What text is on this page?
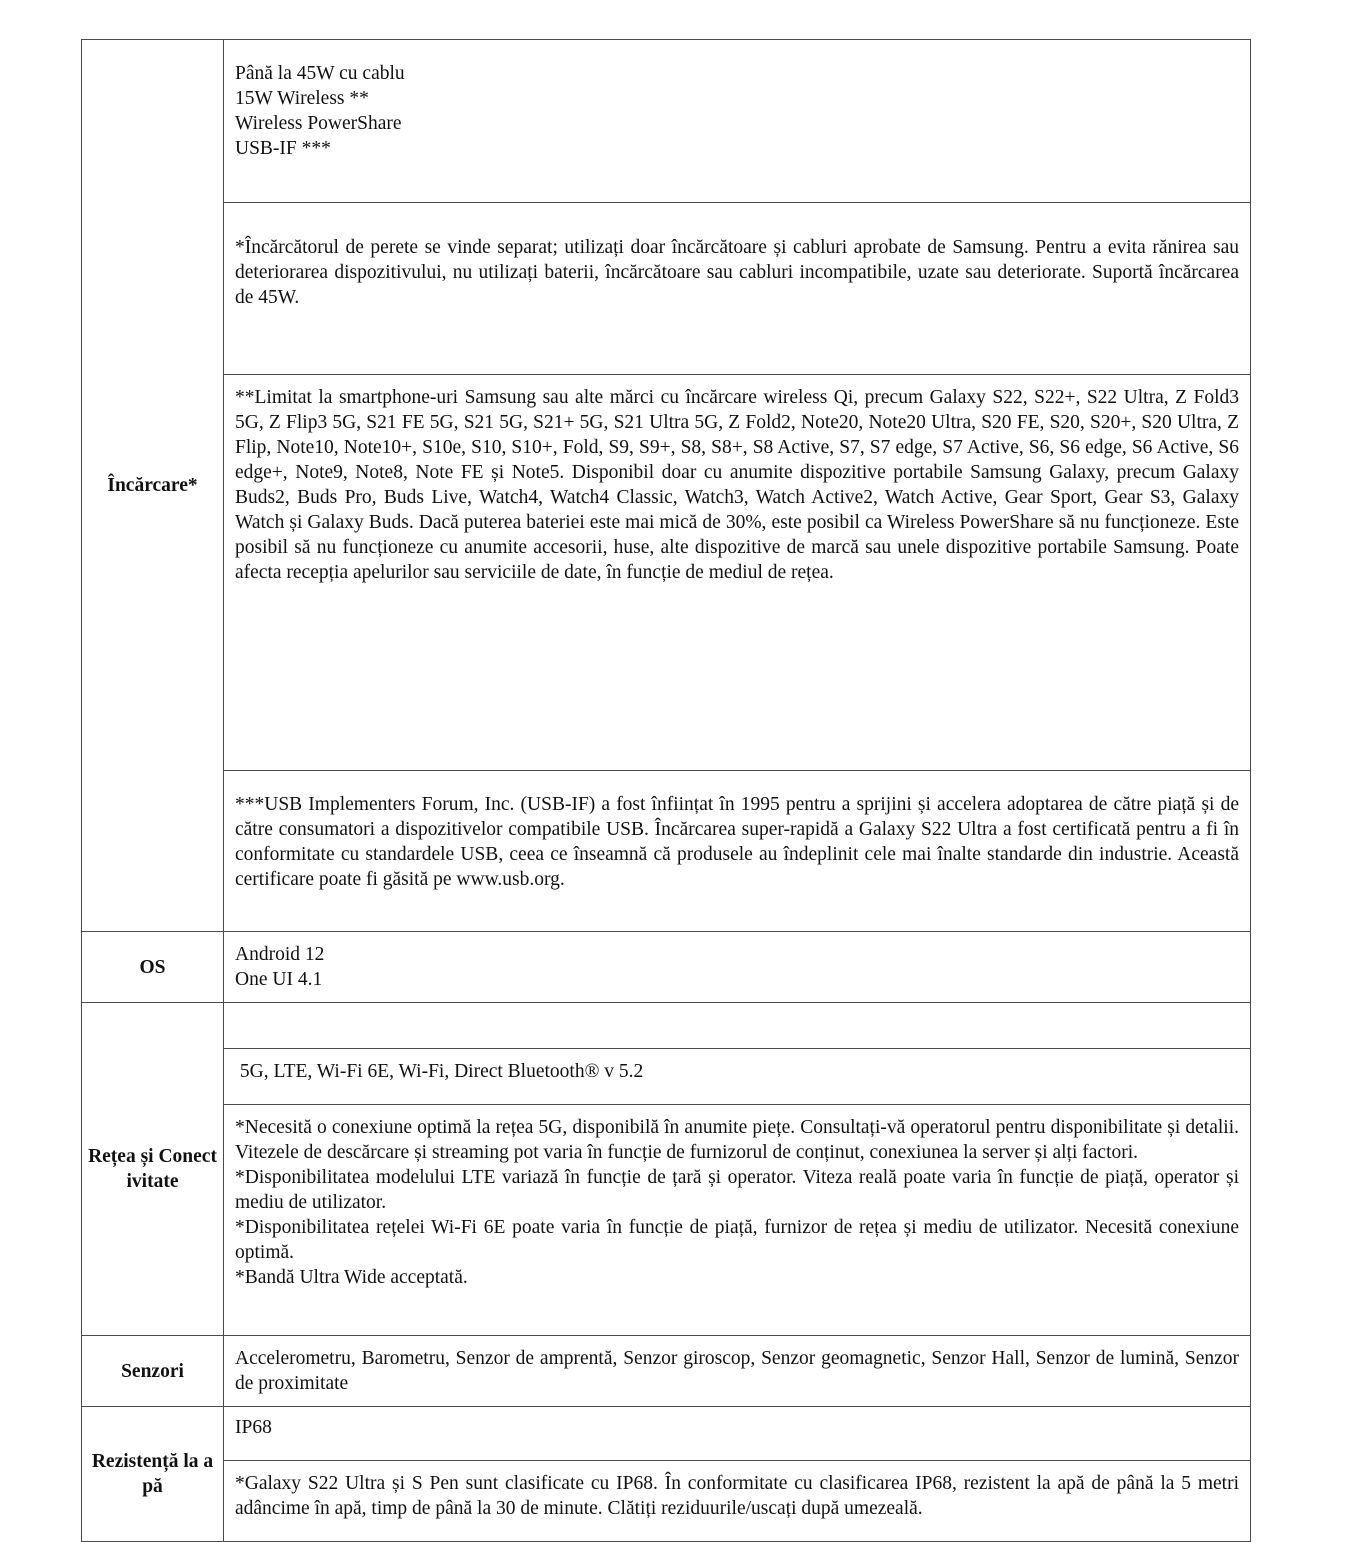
Încărcare*	Până la 45W cu cablu
15W Wireless **
Wireless PowerShare
USB-IF ***

	*Încărcătorul de perete se vinde separat; utilizați doar încărcătoare și cabluri aprobate de Samsung. Pentru a evita rănirea sau deteriorarea dispozitivului, nu utilizați baterii, încărcătoare sau cabluri incompatibile, uzate sau deteriorate. Suportă încărcarea de 45W.
	**Limitat la smartphone-uri Samsung sau alte mărci cu încărcare wireless Qi, precum Galaxy S22, S22+, S22 Ultra, Z Fold3 5G, Z Flip3 5G, S21 FE 5G, S21 5G, S21+ 5G, S21 Ultra 5G, Z Fold2, Note20, Note20 Ultra, S20 FE, S20, S20+, S20 Ultra, Z Flip, Note10, Note10+, S10e, S10, S10+, Fold, S9, S9+, S8, S8+, S8 Active, S7, S7 edge, S7 Active, S6, S6 edge, S6 Active, S6 edge+, Note9, Note8, Note FE și Note5. Disponibil doar cu anumite dispozitive portabile Samsung Galaxy, precum Galaxy Buds2, Buds Pro, Buds Live, Watch4, Watch4 Classic, Watch3, Watch Active2, Watch Active, Gear Sport, Gear S3, Galaxy Watch și Galaxy Buds. Dacă puterea bateriei este mai mică de 30%, este posibil ca Wireless PowerShare să nu funcționeze. Este posibil să nu funcționeze cu anumite accesorii, huse, alte dispozitive de marcă sau unele dispozitive portabile Samsung. Poate afecta recepția apelurilor sau serviciile de date, în funcție de mediul de rețea.
	***USB Implementers Forum, Inc. (USB-IF) a fost înființat în 1995 pentru a sprijini și accelera adoptarea de către piață și de către consumatori a dispozitivelor compatibile USB. Încărcarea super-rapidă a Galaxy S22 Ultra a fost certificată pentru a fi în conformitate cu standardele USB, ceea ce înseamnă că produsele au îndeplinit cele mai înalte standarde din industrie. Această certificare poate fi găsită pe www.usb.org.
OS	Android 12
One UI 4.1

Rețea și Conectivitate	
	5G, LTE, Wi-Fi 6E, Wi-Fi, Direct Bluetooth® v 5.2

	*Necesită o conexiune optimă la rețea 5G, disponibilă în anumite piețe. Consultați-vă operatorul pentru disponibilitate și detalii. Vitezele de descărcare și streaming pot varia în funcție de furnizorul de conținut, conexiunea la server și alți factori.
*Disponibilitatea modelului LTE variază în funcție de țară și operator. Viteza reală poate varia în funcție de piață, operator și mediu de utilizator.
*Disponibilitatea rețelei Wi-Fi 6E poate varia în funcție de piață, furnizor de rețea și mediu de utilizator. Necesită conexiune optimă.
*Bandă Ultra Wide acceptată.

Senzori	Accelerometru, Barometru, Senzor de amprentă, Senzor giroscop, Senzor geomagnetic, Senzor Hall, Senzor de lumină, Senzor de proximitate
Rezistență la apă	IP68
	*Galaxy S22 Ultra și S Pen sunt clasificate cu IP68. În conformitate cu clasificarea IP68, rezistent la apă de până la 5 metri adâncime în apă, timp de până la 30 de minute. Clătiți reziduurile/uscați după umezeală.
